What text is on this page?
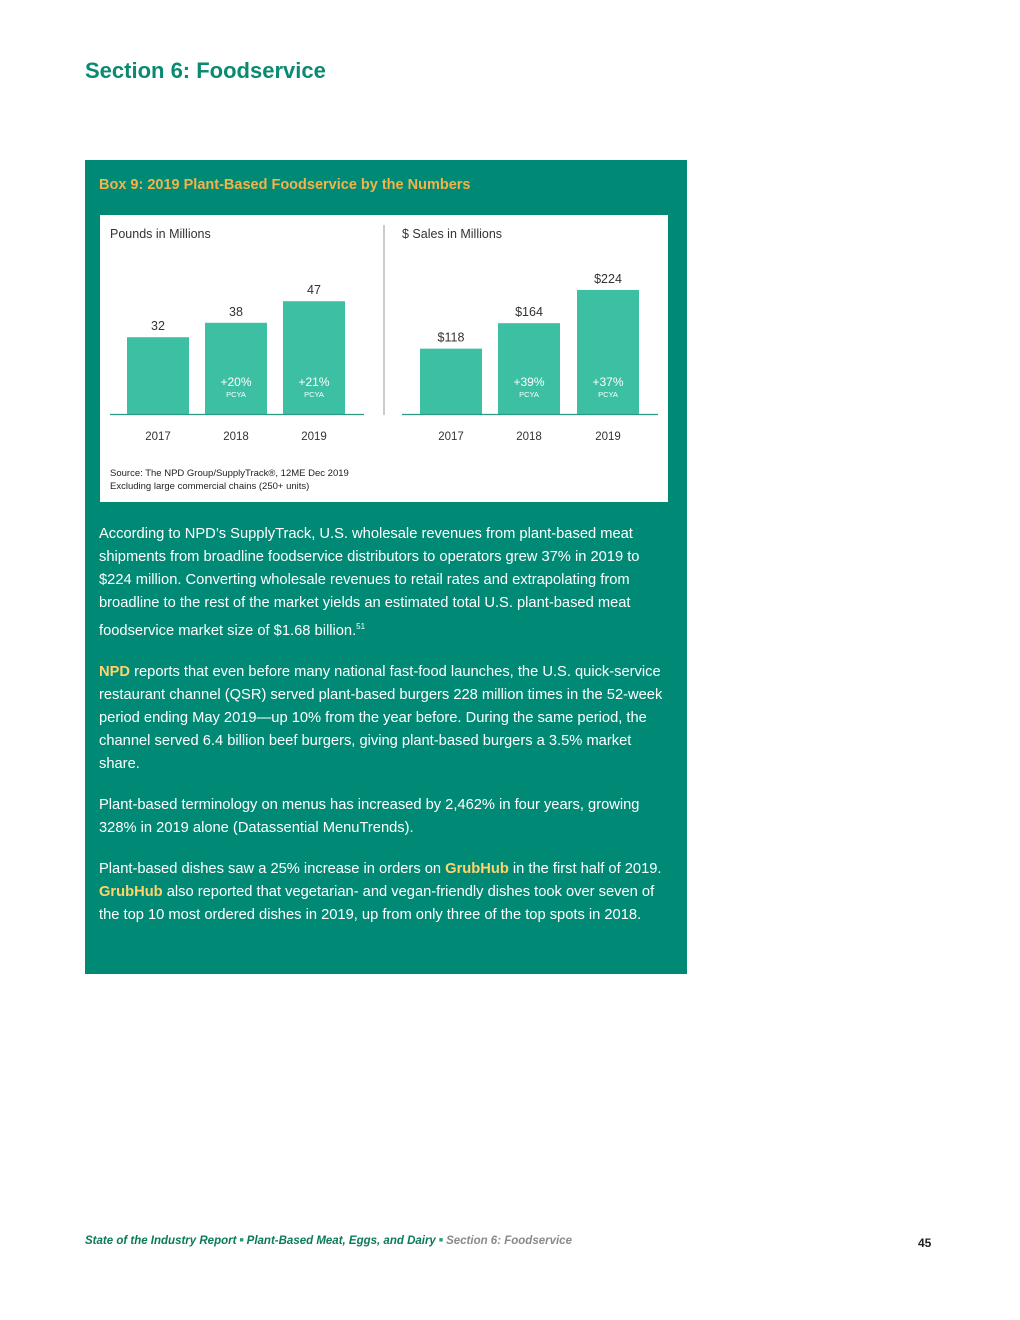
Section 6: Foodservice
Box 9: 2019 Plant-Based Foodservice by the Numbers
Pounds in Millions
32
2017
38
+20%
PCYA
2018
47
+21%
PCYA
2019
$ Sales in Millions
$118
2017
$164
+39%
PCYA
2018
$224
+37%
PCYA
2019
Source: The NPD Group/SupplyTrack®, 12ME Dec 2019
Excluding large commercial chains (250+ units)

According to NPD’s SupplyTrack, U.S. wholesale revenues from plant-based meat shipments from broadline foodservice distributors to operators grew 37% in 2019 to $224 million. Converting wholesale revenues to retail rates and extrapolating from broadline to the rest of the market yields an estimated total U.S. plant-based meat foodservice market size of $1.68 billion.$^{51}$

NPD reports that even before many national fast-food launches, the U.S. quick-service restaurant channel (QSR) served plant-based burgers 228 million times in the 52-week period ending May 2019—up 10% from the year before. During the same period, the channel served 6.4 billion beef burgers, giving plant-based burgers a 3.5% market share.

Plant-based terminology on menus has increased by 2,462% in four years, growing 328% in 2019 alone (Datassential MenuTrends).

Plant-based dishes saw a 25% increase in orders on GrubHub in the first half of 2019. GrubHub also reported that vegetarian- and vegan-friendly dishes took over seven of the top 10 most ordered dishes in 2019, up from only three of the top spots in 2018.

State of the Industry Report ■ Plant-Based Meat, Eggs, and Dairy ■ Section 6: Foodservice	45
